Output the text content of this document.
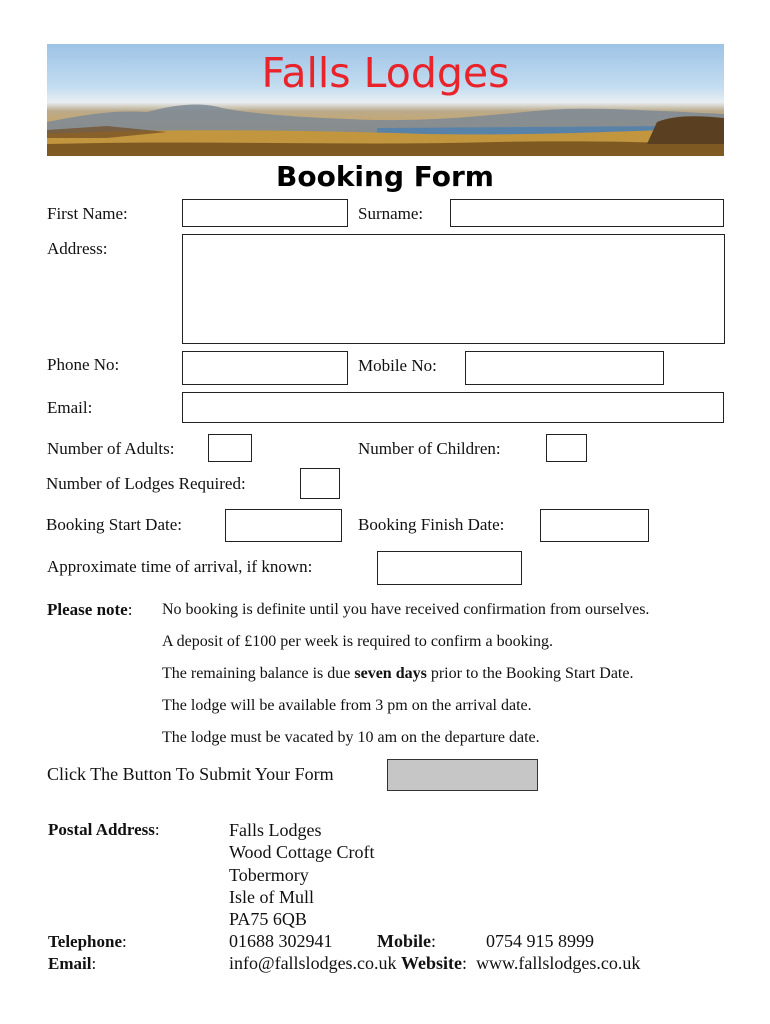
Falls Lodges
Booking Form
First Name:	Surname:
Address:
Phone No:	Mobile No:
Email:
Number of Adults:	Number of Children:
Number of Lodges Required:
Booking Start Date:	Booking Finish Date:
Approximate time of arrival, if known:
Please note: No booking is definite until you have received confirmation from ourselves.
A deposit of £100 per week is required to confirm a booking.
The remaining balance is due seven days prior to the Booking Start Date.
The lodge will be available from 3 pm on the arrival date.
The lodge must be vacated by 10 am on the departure date.
Click The Button To Submit Your Form
Postal Address:	Falls Lodges
Wood Cottage Croft
Tobermory
Isle of Mull
PA75 6QB
Telephone:	01688 302941 Mobile:	0754 915 8999
Email:	info@fallslodges.co.uk Website: www.fallslodges.co.uk
